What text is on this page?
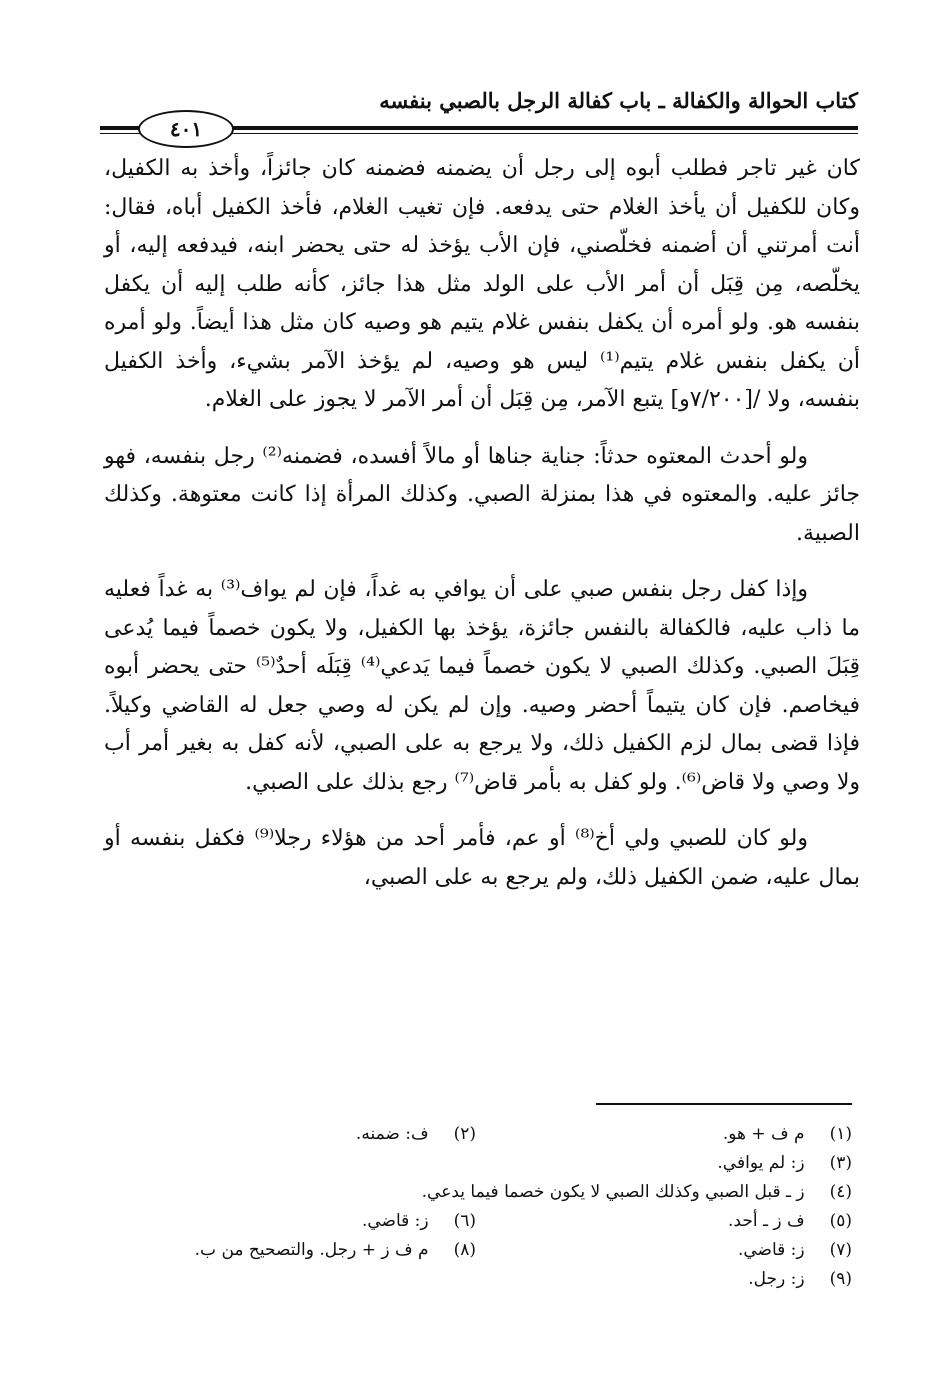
كتاب الحوالة والكفالة ـ باب كفالة الرجل بالصبي بنفسه
٤٠١

كان غير تاجر فطلب أبوه إلى رجل أن يضمنه فضمنه كان جائزاً، وأخذ به الكفيل، وكان للكفيل أن يأخذ الغلام حتى يدفعه. فإن تغيب الغلام، فأخذ الكفيل أباه، فقال: أنت أمرتني أن أضمنه فخلّصني، فإن الأب يؤخذ له حتى يحضر ابنه، فيدفعه إليه، أو يخلّصه، مِن قِبَل أن أمر الأب على الولد مثل هذا جائز، كأنه طلب إليه أن يكفل بنفسه هو. ولو أمره أن يكفل بنفس غلام يتيم هو وصيه كان مثل هذا أيضاً. ولو أمره أن يكفل بنفس غلام يتيم⁽¹⁾ ليس هو وصيه، لم يؤخذ الآمر بشيء، وأخذ الكفيل بنفسه، ولا /[٧/٢٠٠و] يتبع الآمر، مِن قِبَل أن أمر الآمر لا يجوز على الغلام.

ولو أحدث المعتوه حدثاً: جناية جناها أو مالاً أفسده، فضمنه⁽²⁾ رجل بنفسه، فهو جائز عليه. والمعتوه في هذا بمنزلة الصبي. وكذلك المرأة إذا كانت معتوهة. وكذلك الصبية.

وإذا كفل رجل بنفس صبي على أن يوافي به غداً، فإن لم يواف⁽³⁾ به غداً فعليه ما ذاب عليه، فالكفالة بالنفس جائزة، يؤخذ بها الكفيل، ولا يكون خصماً فيما يُدعى قِبَلَ الصبي. وكذلك الصبي لا يكون خصماً فيما يَدعي⁽⁴⁾ قِبَلَه أحدٌ⁽⁵⁾ حتى يحضر أبوه فيخاصم. فإن كان يتيماً أحضر وصيه. وإن لم يكن له وصي جعل له القاضي وكيلاً. فإذا قضى بمال لزم الكفيل ذلك، ولا يرجع به على الصبي، لأنه كفل به بغير أمر أب ولا وصي ولا قاض⁽⁶⁾. ولو كفل به بأمر قاض⁽⁷⁾ رجع بذلك على الصبي.

ولو كان للصبي ولي أخ⁽⁸⁾ أو عم، فأمر أحد من هؤلاء رجلا⁽⁹⁾ فكفل بنفسه أو بمال عليه، ضمن الكفيل ذلك، ولم يرجع به على الصبي،

(١) م ف + هو.
(٢) ف: ضمنه.
(٣) ز: لم يوافي.
(٤) ز ـ قبل الصبي وكذلك الصبي لا يكون خصما فيما يدعي.
(٥) ف ز ـ أحد.
(٦) ز: قاضي.
(٧) ز: قاضي.
(٨) م ف ز + رجل. والتصحيح من ب.
(٩) ز: رجل.
